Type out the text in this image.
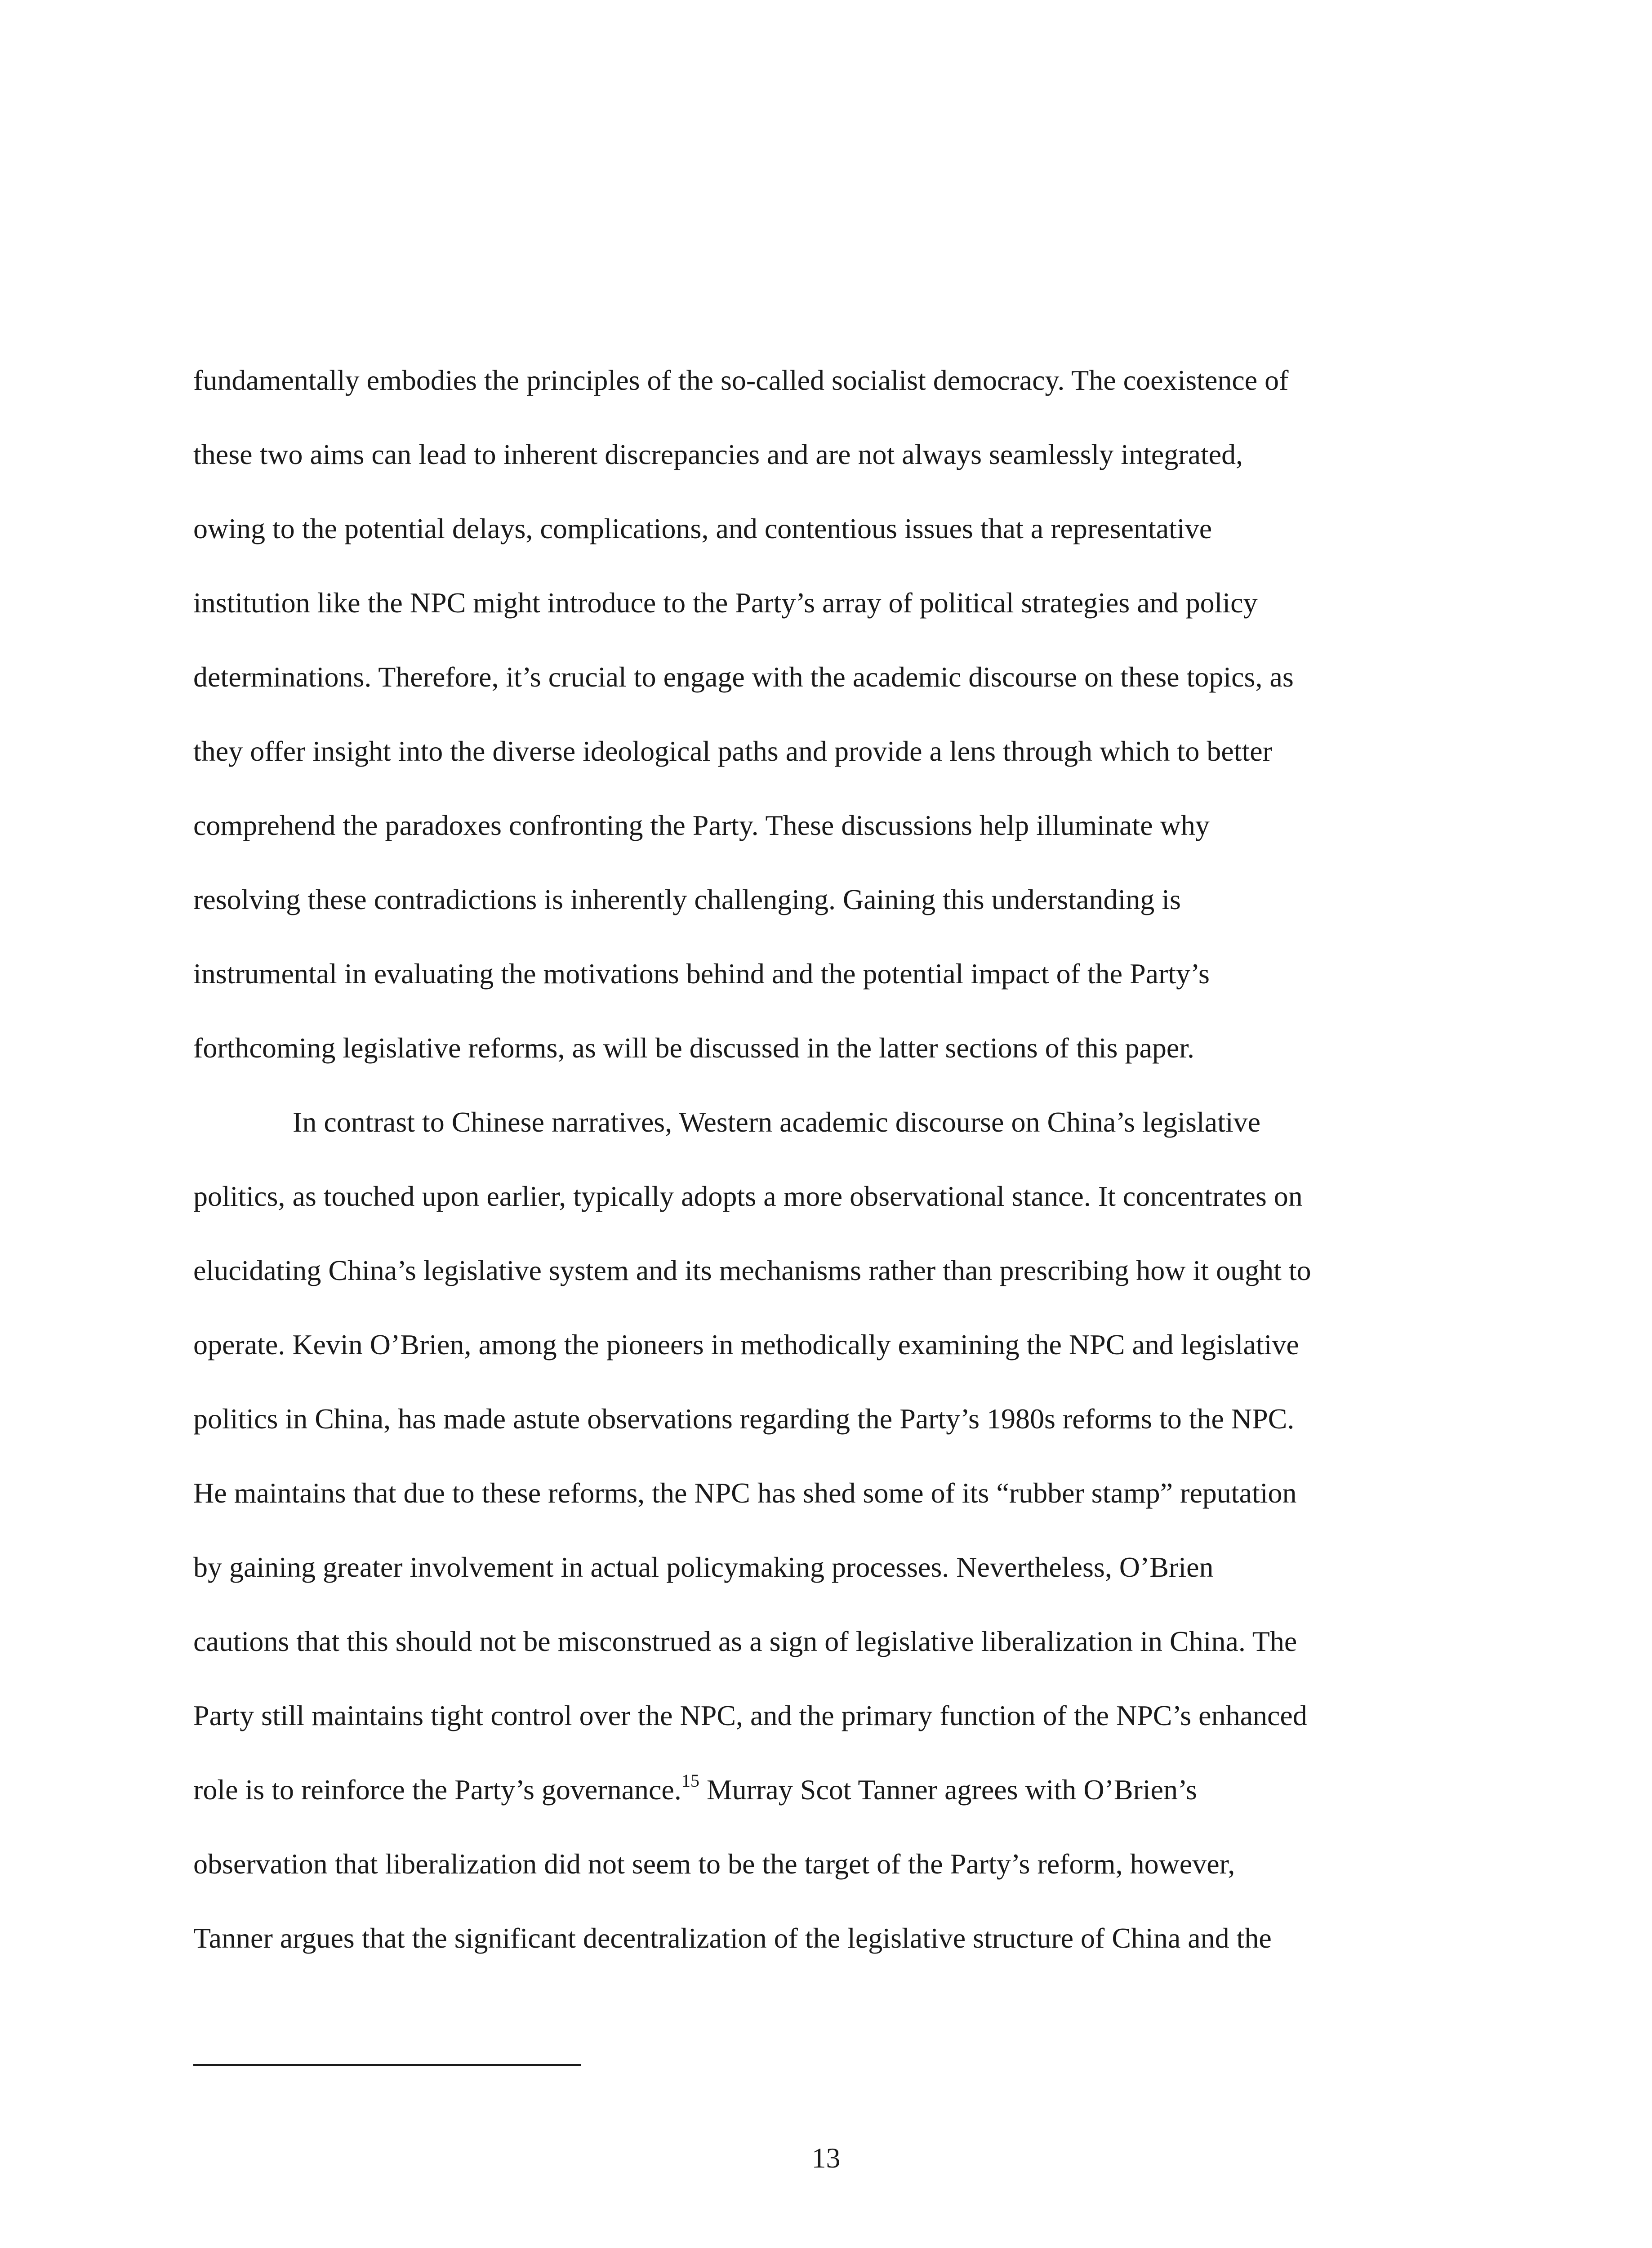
fundamentally embodies the principles of the so-called socialist democracy. The coexistence of
these two aims can lead to inherent discrepancies and are not always seamlessly integrated,
owing to the potential delays, complications, and contentious issues that a representative
institution like the NPC might introduce to the Party’s array of political strategies and policy
determinations. Therefore, it’s crucial to engage with the academic discourse on these topics, as
they offer insight into the diverse ideological paths and provide a lens through which to better
comprehend the paradoxes confronting the Party. These discussions help illuminate why
resolving these contradictions is inherently challenging. Gaining this understanding is
instrumental in evaluating the motivations behind and the potential impact of the Party’s
forthcoming legislative reforms, as will be discussed in the latter sections of this paper.
In contrast to Chinese narratives, Western academic discourse on China’s legislative
politics, as touched upon earlier, typically adopts a more observational stance. It concentrates on
elucidating China’s legislative system and its mechanisms rather than prescribing how it ought to
operate. Kevin O’Brien, among the pioneers in methodically examining the NPC and legislative
politics in China, has made astute observations regarding the Party’s 1980s reforms to the NPC.
He maintains that due to these reforms, the NPC has shed some of its “rubber stamp” reputation
by gaining greater involvement in actual policymaking processes. Nevertheless, O’Brien
cautions that this should not be misconstrued as a sign of legislative liberalization in China. The
Party still maintains tight control over the NPC, and the primary function of the NPC’s enhanced
role is to reinforce the Party’s governance.$^{15}$ Murray Scot Tanner agrees with O’Brien’s
observation that liberalization did not seem to be the target of the Party’s reform, however,
Tanner argues that the significant decentralization of the legislative structure of China and the
13
